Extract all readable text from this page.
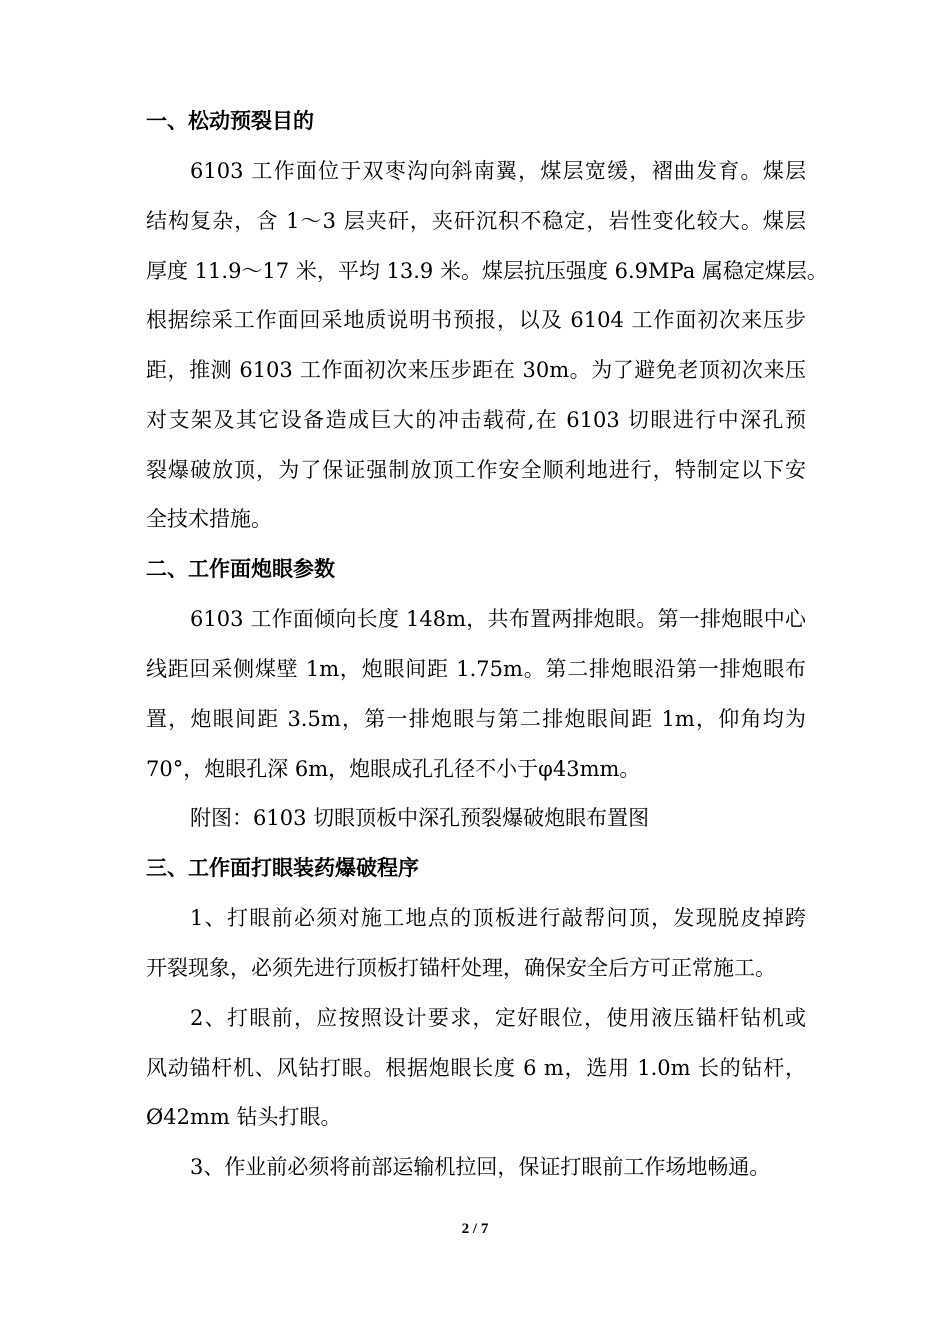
一、松动预裂目的
6103 工作面位于双枣沟向斜南翼，煤层宽缓，褶曲发育。煤层
结构复杂，含 1～3 层夹矸，夹矸沉积不稳定，岩性变化较大。煤层
厚度 11.9～17 米，平均 13.9 米。煤层抗压强度 6.9MPa 属稳定煤层。
根据综采工作面回采地质说明书预报，以及 6104 工作面初次来压步
距，推测 6103 工作面初次来压步距在 30m。为了避免老顶初次来压
对支架及其它设备造成巨大的冲击载荷,在 6103 切眼进行中深孔预
裂爆破放顶，为了保证强制放顶工作安全顺利地进行，特制定以下安
全技术措施。
二、工作面炮眼参数
6103 工作面倾向长度 148m，共布置两排炮眼。第一排炮眼中心
线距回采侧煤壁 1m，炮眼间距 1.75m。第二排炮眼沿第一排炮眼布
置，炮眼间距 3.5m，第一排炮眼与第二排炮眼间距 1m，仰角均为
70°，炮眼孔深 6m，炮眼成孔孔径不小于φ43mm。
附图：6103 切眼顶板中深孔预裂爆破炮眼布置图
三、工作面打眼装药爆破程序
1、打眼前必须对施工地点的顶板进行敲帮问顶，发现脱皮掉跨
开裂现象，必须先进行顶板打锚杆处理，确保安全后方可正常施工。
2、打眼前，应按照设计要求，定好眼位，使用液压锚杆钻机或
风动锚杆机、风钻打眼。根据炮眼长度 6 m，选用 1.0m 长的钻杆，
Ø42mm 钻头打眼。
3、作业前必须将前部运输机拉回，保证打眼前工作场地畅通。
2 / 7
